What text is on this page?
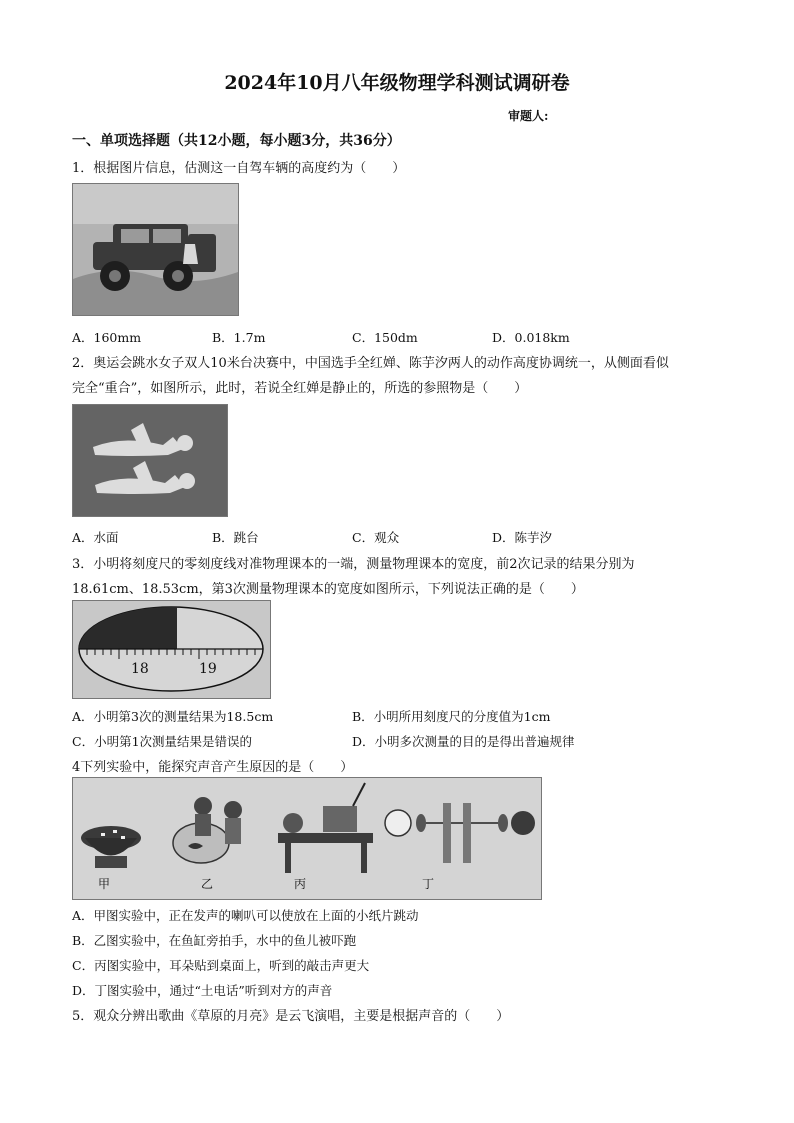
2024年10月八年级物理学科测试调研卷
审题人:
一、单项选择题（共12小题，每小题3分，共36分）
1．根据图片信息，估测这一自驾车辆的高度约为（　　）
A．160mm	B．1.7m	C．150dm	D．0.018km
2．奥运会跳水女子双人10米台决赛中，中国选手全红婵、陈芋汐两人的动作高度协调统一，从侧面看似
完全“重合”，如图所示，此时，若说全红婵是静止的，所选的参照物是（　　）
A．水面	B．跳台	C．观众	D．陈芋汐
3．小明将刻度尺的零刻度线对准物理课本的一端，测量物理课本的宽度，前2次记录的结果分别为
18.61cm、18.53cm，第3次测量物理课本的宽度如图所示，下列说法正确的是（　　）
18	19
A．小明第3次的测量结果为18.5cm	B．小明所用刻度尺的分度值为1cm
C．小明第1次测量结果是错误的	D．小明多次测量的目的是得出普遍规律
4下列实验中，能探究声音产生原因的是（　　）
甲	乙	丙	丁
A．甲图实验中，正在发声的喇叭可以使放在上面的小纸片跳动
B．乙图实验中，在鱼缸旁拍手，水中的鱼儿被吓跑
C．丙图实验中，耳朵贴到桌面上，听到的敲击声更大
D．丁图实验中，通过“土电话”听到对方的声音
5．观众分辨出歌曲《草原的月亮》是云飞演唱，主要是根据声音的（　　）
